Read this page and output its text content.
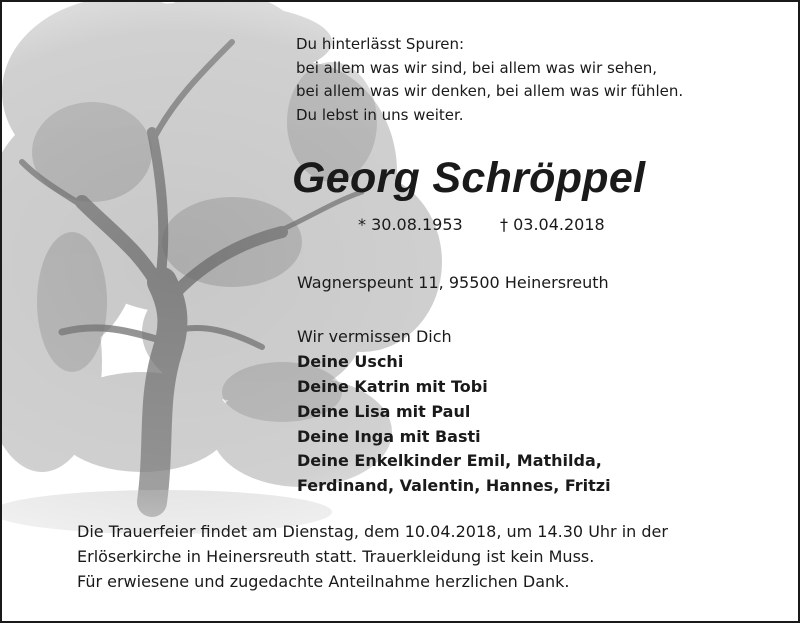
Du hinterlässt Spuren:
bei allem was wir sind, bei allem was wir sehen,
bei allem was wir denken, bei allem was wir fühlen.
Du lebst in uns weiter.
Georg Schröppel
* 30.08.1953 † 03.04.2018
Wagnerspeunt 11, 95500 Heinersreuth
Wir vermissen Dich
Deine Uschi
Deine Katrin mit Tobi
Deine Lisa mit Paul
Deine Inga mit Basti
Deine Enkelkinder Emil, Mathilda,
Ferdinand, Valentin, Hannes, Fritzi
Die Trauerfeier findet am Dienstag, dem 10.04.2018, um 14.30 Uhr in der
Erlöserkirche in Heinersreuth statt. Trauerkleidung ist kein Muss.
Für erwiesene und zugedachte Anteilnahme herzlichen Dank.
